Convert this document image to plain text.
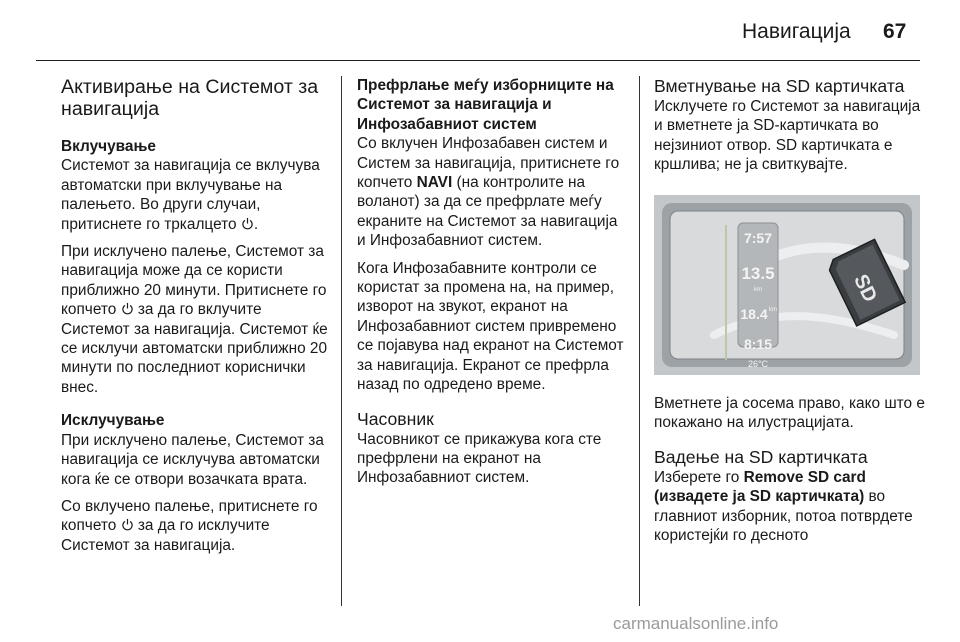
Навигација 67
Активирање на Системот за навигација
Вклучување

Системот за навигација се вклучува автоматски при вклучување на палењето. Во други случаи, притиснете го тркалцето .

При исклучено палење, Системот за навигација може да се користи приближно 20 минути. Притиснете го копчето  за да го вклучите Системот за навигација. Системот ќе се исклучи автоматски приближно 20 минути по последниот кориснички внес.

Исклучување

При исклучено палење, Системот за навигација се исклучува автоматски кога ќе се отвори возачката врата.

Со вклучено палење, притиснете го копчето  за да го исклучите Системот за навигација.

Префрлање меѓу изборниците на Системот за навигација и Инфозабавниот систем

Со вклучен Инфозабавен систем и Систем за навигација, притиснете го копчето NAVI (на контролите на воланот) за да се префрлате меѓу екраните на Системот за навигација и Инфозабавниот систем.

Кога Инфозабавните контроли се користат за промена на, на пример, изворот на звукот, екранот на Инфозабавниот систем привремено се појавува над екранот на Системот за навигација. Екранот се префрла назад по одредено време.

Часовник

Часовникот се прикажува кога сте префрлени на екранот на Инфозабавниот систем.

Вметнување на SD картичката

Исклучете го Системот за навигација и вметнете ја SD-картичката во нејзиниот отвор. SD картичката е кршлива; не ја свиткувајте.

7:57
13.5
km
18.4 km
8:15
26°C
SD

Вметнете ја сосема право, како што е покажано на илустрацијата.

Вадење на SD картичката

Изберете го Remove SD card (извадете ја SD картичката) во главниот изборник, потоа потврдете користејќи го десното

carmanualsonline.info
